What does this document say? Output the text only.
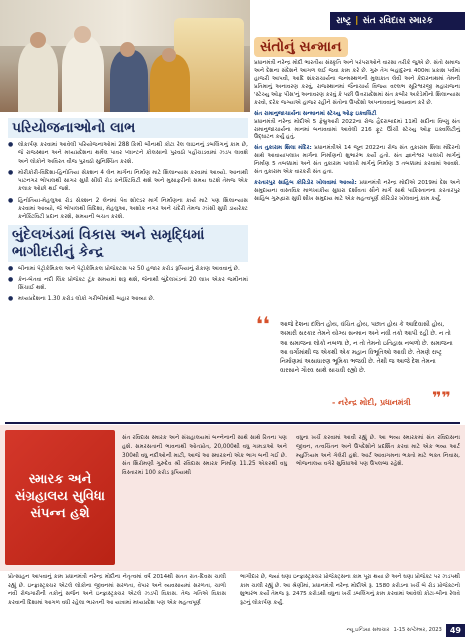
રાષ્ટ્ર | સંત રવિદાસ સ્મારક
સંતોનું સન્માન

પ્રધાનમંત્રી નરેન્દ્ર મોદી ભારતીય સંસ્કૃતિ અને પરંપરાઓને વારસા તરીકે જુએ છે. સંતો સમાજ અને દેશના સંદેશને આગળ લઈ જવા કામ કરે છે. ગુરુ તેગ બહાદુરના 400મા પ્રકાશ પર્વમાં હાજરી આપવી, આદિ શંકરાચાર્યના જન્મસ્થળની મુલાકાત લેવી અને કેદારનાથમાં તેમની પ્રતિમાનું અનાવરણ કરવું, રાજસ્થાનમાં જૈનાચાર્ય વિજય વલ્લભ સૂરિશ્વરજી મહારાજના 'સ્ટેચ્યુ ઓફ પીસ'નું અનાવરણ કરવું કે પછી ઉત્તરપ્રદેશમાં સંત કબીર અકેડેમીનો શિલાન્યાસ કરવો, દરેક જગ્યાએ હાજર રહીને સંતોના ઉપદેશો અપનાવવાનું આહ્વાન કરે છે.

સંત રામાનુજાચાર્યના સન્માનમાં સ્ટેચ્યુ ઓફ ઇક્વલિટી
પ્રધાનમંત્રી નરેન્દ્ર મોદીએ 5 ફેબ્રુઆરી 2022ના રોજ હૈદરાબાદમાં 11મી સદીના વિષ્ણુ સંત રામાનુજાચાર્યના માનમાં બનાવવામાં આવેલી 216 ફૂટ ઊંચી સ્ટેચ્યુ ઓફ ઇક્વલિટીનું ઉદ્ઘાટન કર્યું હતું.

સંત તુકારામ શિલા મંદિર: પ્રધાનમંત્રીએ 14 જૂન 2022ના રોજ સંત તુકારામ શિલા મંદિરનો સાથે આવાયાપલાખ માર્ગના નિર્માણનો શુભારંભ કર્યો હતો. સંત જ્ઞાનેશ્વર પાલખી માર્ગનું નિર્માણ 5 તબક્કામાં અને સંત તુકારામ પાલખી માર્ગનું નિર્માણ 3 તબક્કામાં કરવામાં આવશે. સંત તુકારામ એક વારકરી સંત હતા.

કરતારપુર સાહિબ કોરિડોર ખોલવામાં આવ્યો: પ્રધાનમંત્રી નરેન્દ્ર મોદીએ 2019માં દેશ અને સમુદાયના વાસ્તવિક માળખાકીય સુધારા દર્શાવતા સૌને માર્ગ સાથે પાકિસ્તાનના કરતારપુર સાહિબ ગુરુદ્વારા સુધી શીખ સમુદાય માટે એક મહત્વપૂર્ણ કોરિડોર ખોલવાનું કામ કર્યું.

પરિયોજનાઓનો લાભ
● લોકાર્પણ કરવામાં આવેલી પરિયોજનાઓમાં 288 કિમી બીનાથી કોટા રેલ લાઇનનું ડબલિંગનું કામ છે, જે રાજસ્થાન અને મધ્યપ્રદેશના થર્મલ પાવર પ્લાન્ટને કોલસાનો પુરવઠો પહોંચાડવામાં ઝડપ લાવશે અને લોકોને અવિરત વીજ પુરવઠો સુનિશ્ચિત કરશે.
● મોરીકોરી-વિદિશા-હિનોતિયા સેક્શન 4 લેન માર્ગના નિર્માણ માટે શિલાન્યાસ કરવામાં આવ્યો. આનાથી પાટનગર ભોપાલથી સાગર સુધી સીધી રોડ કનેક્ટિવિટી થશે અને મુસાફરીનો સમય ઘટશે તેમજ એક કલાક ઓછો થઈ જશે.
● હિનોતિયા-મેહલુઆ રોડ સેક્શન 2 લેનમાં પેવ શોલ્ડર માર્ગ નિર્માણના કાર્ય માટે પણ શિલાન્યાસ કરવામાં આવ્યો, જે ભોપાલથી વિદિશા, મેહલુઆ, અશોક નગર અને ચંદેરી તેમજ ઝાંસી સુધી ડાયરેક્ટ કનેક્ટિવિટી પ્રદાન કરશે, સમયની બચત કરશે.
બુંદેલખંડમાં વિકાસ અને સમૃદ્ધિમાં ભાગીદારીનું કેન્દ્ર
● બીનામાં પેટ્રોકેમિકલ અને પેટ્રોકેમિકલ પ્રોજેક્ટસ પર 50 હજાર કરોડ રૂપિયાનું રોકાણ આવવાનું છે.
● કેન-બેતવા નદી લિંક પ્રોજેક્ટ ટૂંક સમયમાં શરૂ થશે, જેનાથી બુંદેલખંડનાં 20 લાખ એકર જમીનમાં સિંચાઈ થશે.
● મધ્યપ્રદેશના 1.30 કરોડ લોકો ગરીબીમાંથી બહાર આવ્યા છે.
❛❛ આજે દેશના દલિત હોય, વંચિત હોય, પછાત હોય કે આદિવાસી હોય, અમારી સરકાર તેમને યોગ્ય સન્માન અને નવી તકો આપી રહી છે. ન તો આ સમાજના લોકો નબળા છે, ન તો તેમનો ઇતિહાસ નબળો છે. સમાજના આ વર્ગોમાંથી જ એકથી એક મહાન વિભૂતિઓ આવી છે. તેમણે રાષ્ટ્ર નિર્માણમાં અસાધારણ ભૂમિકા ભજવી છે. તેથી જ આજે દેશ તેમના વારસાને ગૌરવ સાથે સાચવી રહ્યો છે.
- નરેન્દ્ર મોદી, પ્રધાનમંત્રી ❞❞
સ્મારક અને સંગ્રહાલય સુવિધા સંપન્ન હશે
સંત રવિદાસ સ્મારક અને સંગ્રહાલયમાં બન્નેનાની સાથે સાથે રિતના પણ હશે. સમરસતાની ભાવનાથી ઓતપ્રોત, 20,000થી વધુ ગામડાઓ અને 300થી વધુ નદીઓની માટી, આજે આ સ્મારકનો એક ભાગ બની ગઈ છે. સંત શિરોમણી ગુરુદેવ શ્રી રવિદાસ સ્મારક નિર્માણ 11.25 એકરથી વધુ વિસ્તારમાં 100 કરોડ રૂપિયાથી
વધુના ખર્ચે કરવામાં આવી રહ્યું છે. આ ભવ્ય સ્મારકમાં સંત રવિદાસના જીવન, તત્વચિંતન અને ઉપદેશોને પ્રદર્શિત કરવા માટે એક ભવ્ય આર્ટ મ્યુઝિયમ અને ગેલેરી હશે. આર્ટ આવાગમના ભક્તો માટે ભક્ત નિવાસ, ભોજનાલય વગેરે સુવિધાઓ પણ ઉપલબ્ધ રહેશે.
પ્રોત્સાહન આપવાનું કામ પ્રધાનમંત્રી નરેન્દ્ર મોદીના નેતૃત્વમાં વર્ષ 2014થી સતત રાત-દિવસ ચાલી રહ્યું છે. ઇન્ફ્રાસ્ટ્રક્ચર એટલે લોકોના જીવનમાં સરળતા, વેપાર અને વ્યવસાયમાં સરળતા, ચાળો નવી રોજગારીની તકોનું સર્જન અને ઇન્ફ્રાસ્ટ્રક્ચર એટલે ઝડપી વિકાસ. તેજ ગતિએ વિકાસ કરવાની દિશામાં આગળ વધી રહેલા ભારતની આ યાત્રામાં મધ્યપ્રદેશ પણ એક મહત્વપૂર્ણ
ભાગીદાર છે, જ્યાં ઘણા ઇન્ફ્રાસ્ટ્રક્ચર પ્રોજેક્ટ્સના કામ પૂરા થયા છે અને ઘણા પ્રોજેક્ટ પર ઝડપથી કામ ચાલી રહ્યું છે. આ શ્રેણીમાં, પ્રધાનમંત્રી નરેન્દ્ર મોદીએ રૂ. 1580 કરોડના ખર્ચે બે રોડ પ્રોજેક્ટનો શુભારંભ કર્યો તેમજ રૂ. 2475 કરોડથી વધુના ખર્ચે ડબલિંગનું કામ કરવામાં આવેલો કોટા-બીના રેલવે રૂટનું લોકાર્પણ કર્યું.
ન્યૂ ઇન્ડિયા સમાચાર 1-15 સપ્ટેમ્બર, 2023	49
